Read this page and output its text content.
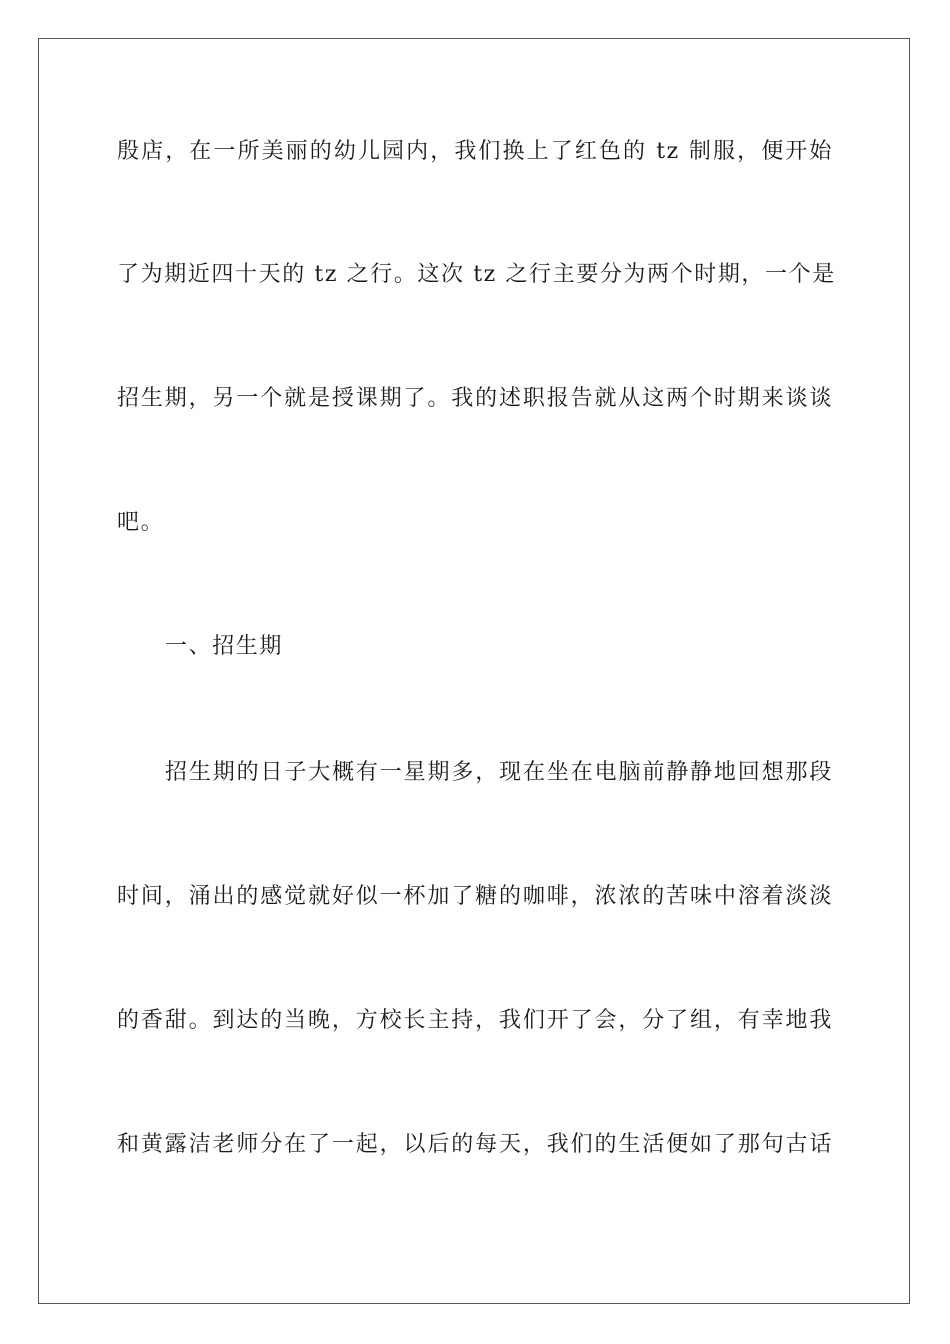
殷店，在一所美丽的幼儿园内，我们换上了红色的 tz 制服，便开始
了为期近四十天的 tz 之行。这次 tz 之行主要分为两个时期，一个是
招生期，另一个就是授课期了。我的述职报告就从这两个时期来谈谈
吧。
一、招生期
招生期的日子大概有一星期多，现在坐在电脑前静静地回想那段
时间，涌出的感觉就好似一杯加了糖的咖啡，浓浓的苦味中溶着淡淡
的香甜。到达的当晚，方校长主持，我们开了会，分了组，有幸地我
和黄露洁老师分在了一起，以后的每天，我们的生活便如了那句古话
